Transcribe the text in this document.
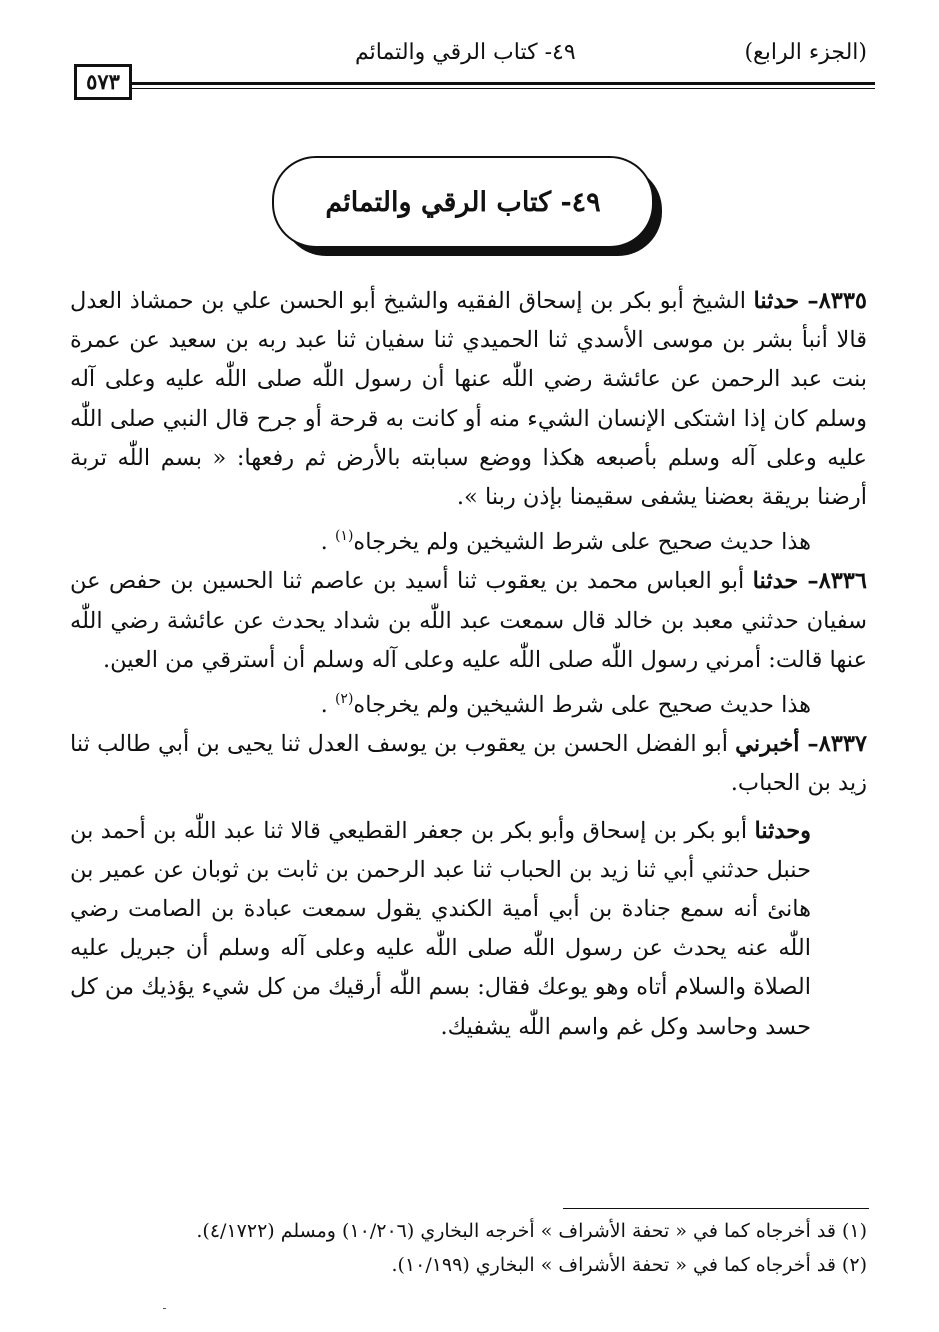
(الجزء الرابع)
٤٩- كتاب الرقي والتمائم
٥٧٣
٤٩- كتاب الرقي والتمائم

٨٣٣٥– حدثنا الشيخ أبو بكر بن إسحاق الفقيه والشيخ أبو الحسن علي بن حمشاذ العدل قالا أنبأ بشر بن موسى الأسدي ثنا الحميدي ثنا سفيان ثنا عبد ربه بن سعيد عن عمرة بنت عبد الرحمن عن عائشة رضي اللّٰه عنها أن رسول اللّٰه صلى اللّٰه عليه وعلى آله وسلم كان إذا اشتكى الإنسان الشيء منه أو كانت به قرحة أو جرح قال النبي صلى اللّٰه عليه وعلى آله وسلم بأصبعه هكذا ووضع سبابته بالأرض ثم رفعها: « بسم اللّٰه تربة أرضنا بريقة بعضنا يشفى سقيمنا بإذن ربنا ».

هذا حديث صحيح على شرط الشيخين ولم يخرجاه$^{(١)}$ .

٨٣٣٦– حدثنا أبو العباس محمد بن يعقوب ثنا أسيد بن عاصم ثنا الحسين بن حفص عن سفيان حدثني معبد بن خالد قال سمعت عبد اللّٰه بن شداد يحدث عن عائشة رضي اللّٰه عنها قالت: أمرني رسول اللّٰه صلى اللّٰه عليه وعلى آله وسلم أن أسترقي من العين.

هذا حديث صحيح على شرط الشيخين ولم يخرجاه$^{(٢)}$ .

٨٣٣٧– أخبرني أبو الفضل الحسن بن يعقوب بن يوسف العدل ثنا يحيى بن أبي طالب ثنا زيد بن الحباب.

وحدثنا أبو بكر بن إسحاق وأبو بكر بن جعفر القطيعي قالا ثنا عبد اللّٰه بن أحمد بن حنبل حدثني أبي ثنا زيد بن الحباب ثنا عبد الرحمن بن ثابت بن ثوبان عن عمير بن هانئ أنه سمع جنادة بن أبي أمية الكندي يقول سمعت عبادة بن الصامت رضي اللّٰه عنه يحدث عن رسول اللّٰه صلى اللّٰه عليه وعلى آله وسلم أن جبريل عليه الصلاة والسلام أتاه وهو يوعك فقال: بسم اللّٰه أرقيك من كل شيء يؤذيك من كل حسد وحاسد وكل غم واسم اللّٰه يشفيك.

(١) قد أخرجاه كما في « تحفة الأشراف » أخرجه البخاري (١٠/٢٠٦) ومسلم (٤/١٧٢٢).

(٢) قد أخرجاه كما في « تحفة الأشراف » البخاري (١٠/١٩٩).
